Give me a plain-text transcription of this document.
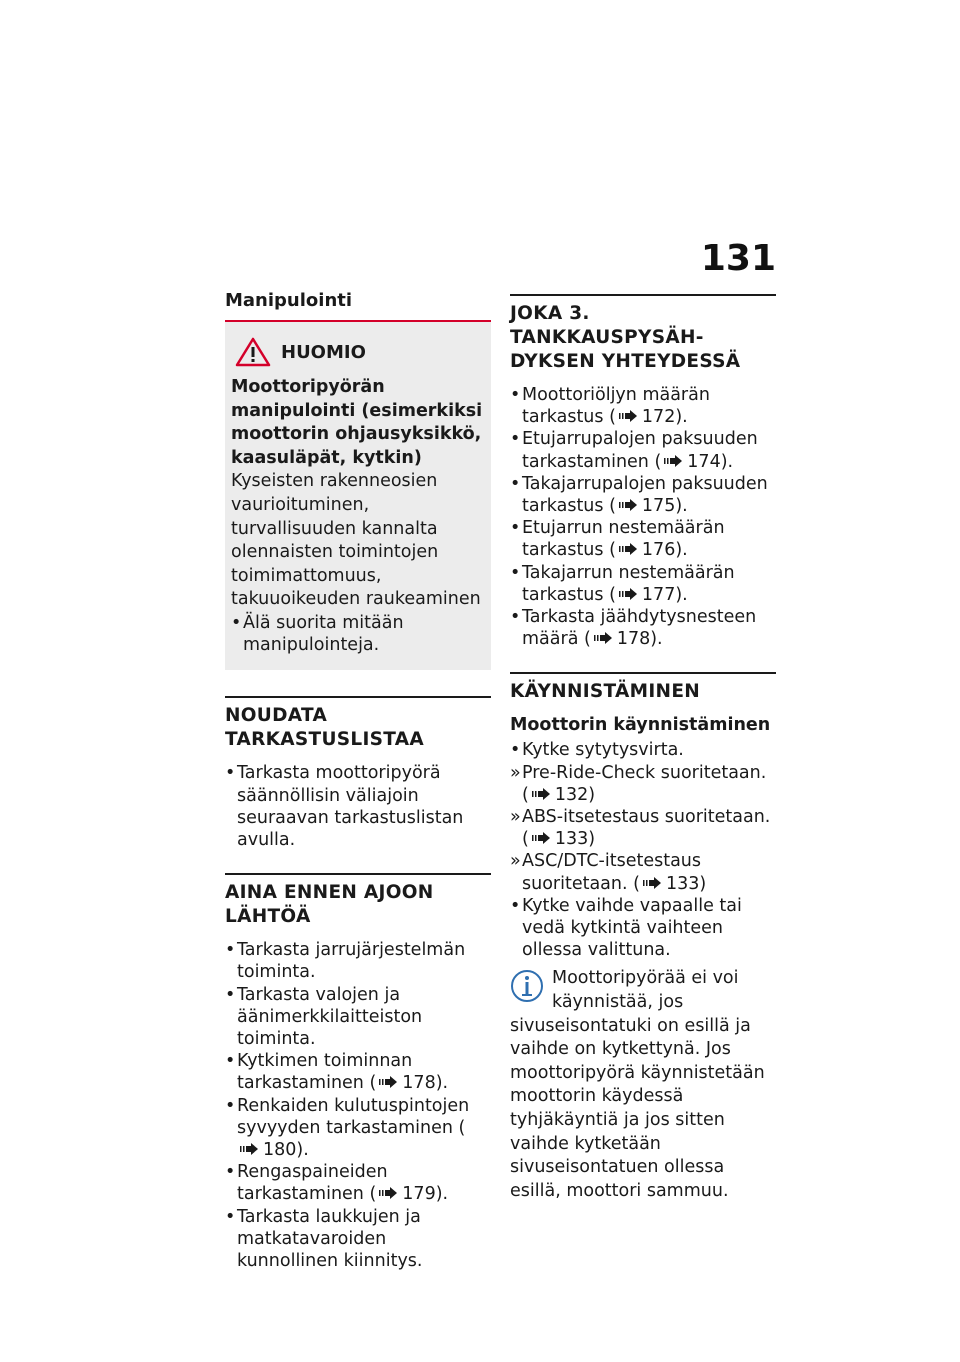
131
Manipulointi
HUOMIO
Moottoripyörän manipulointi (esimerkiksi moottorin ohjausyksikkö, kaasuläpät, kytkin)
Kyseisten rakenneosien vaurioituminen, turvallisuuden kannalta olennaisten toimintojen toimimattomuus, takuuoikeuden raukeaminen
• Älä suorita mitään manipulointeja.
NOUDATA
TARKASTUSLISTAA
• Tarkasta moottoripyörä säännöllisin väliajoin seuraavan tarkastuslistan avulla.
AINA ENNEN AJOON
LÄHTÖÄ
• Tarkasta jarrujärjestelmän toiminta.
• Tarkasta valojen ja äänimerkkilaitteiston toiminta.
• Kytkimen toiminnan tarkastaminen ( 178).
• Renkaiden kulutuspintojen syvyyden tarkastaminen (180).
• Rengaspaineiden tarkastaminen ( 179).
• Tarkasta laukkujen ja matkatavaroiden kunnollinen kiinnitys.
JOKA 3. TANKKAUSPYSÄH-
DYKSEN YHTEYDESSÄ
• Moottoriöljyn määrän tarkastus ( 172).
• Etujarrupalojen paksuuden tarkastaminen ( 174).
• Takajarrupalojen paksuuden tarkastus ( 175).
• Etujarrun nestemäärän tarkastus ( 176).
• Takajarrun nestemäärän tarkastus ( 177).
• Tarkasta jäähdytysnesteen määrä ( 178).
KÄYNNISTÄMINEN
Moottorin käynnistäminen
• Kytke sytytysvirta.
» Pre-Ride-Check suoritetaan. ( 132)
» ABS-itsetestaus suoritetaan. ( 133)
» ASC/DTC-itsetestaus suoritetaan. ( 133)
• Kytke vaihde vapaalle tai vedä kytkintä vaihteen ollessa valittuna.
Moottoripyörää ei voi käynnistää, jos sivuseisontatuki on esillä ja vaihde on kytkettynä. Jos moottoripyörä käynnistetään moottorin käydessä tyhjäkäyntiä ja jos sitten vaihde kytketään sivuseisontatuen ollessa esillä, moottori sammuu.
